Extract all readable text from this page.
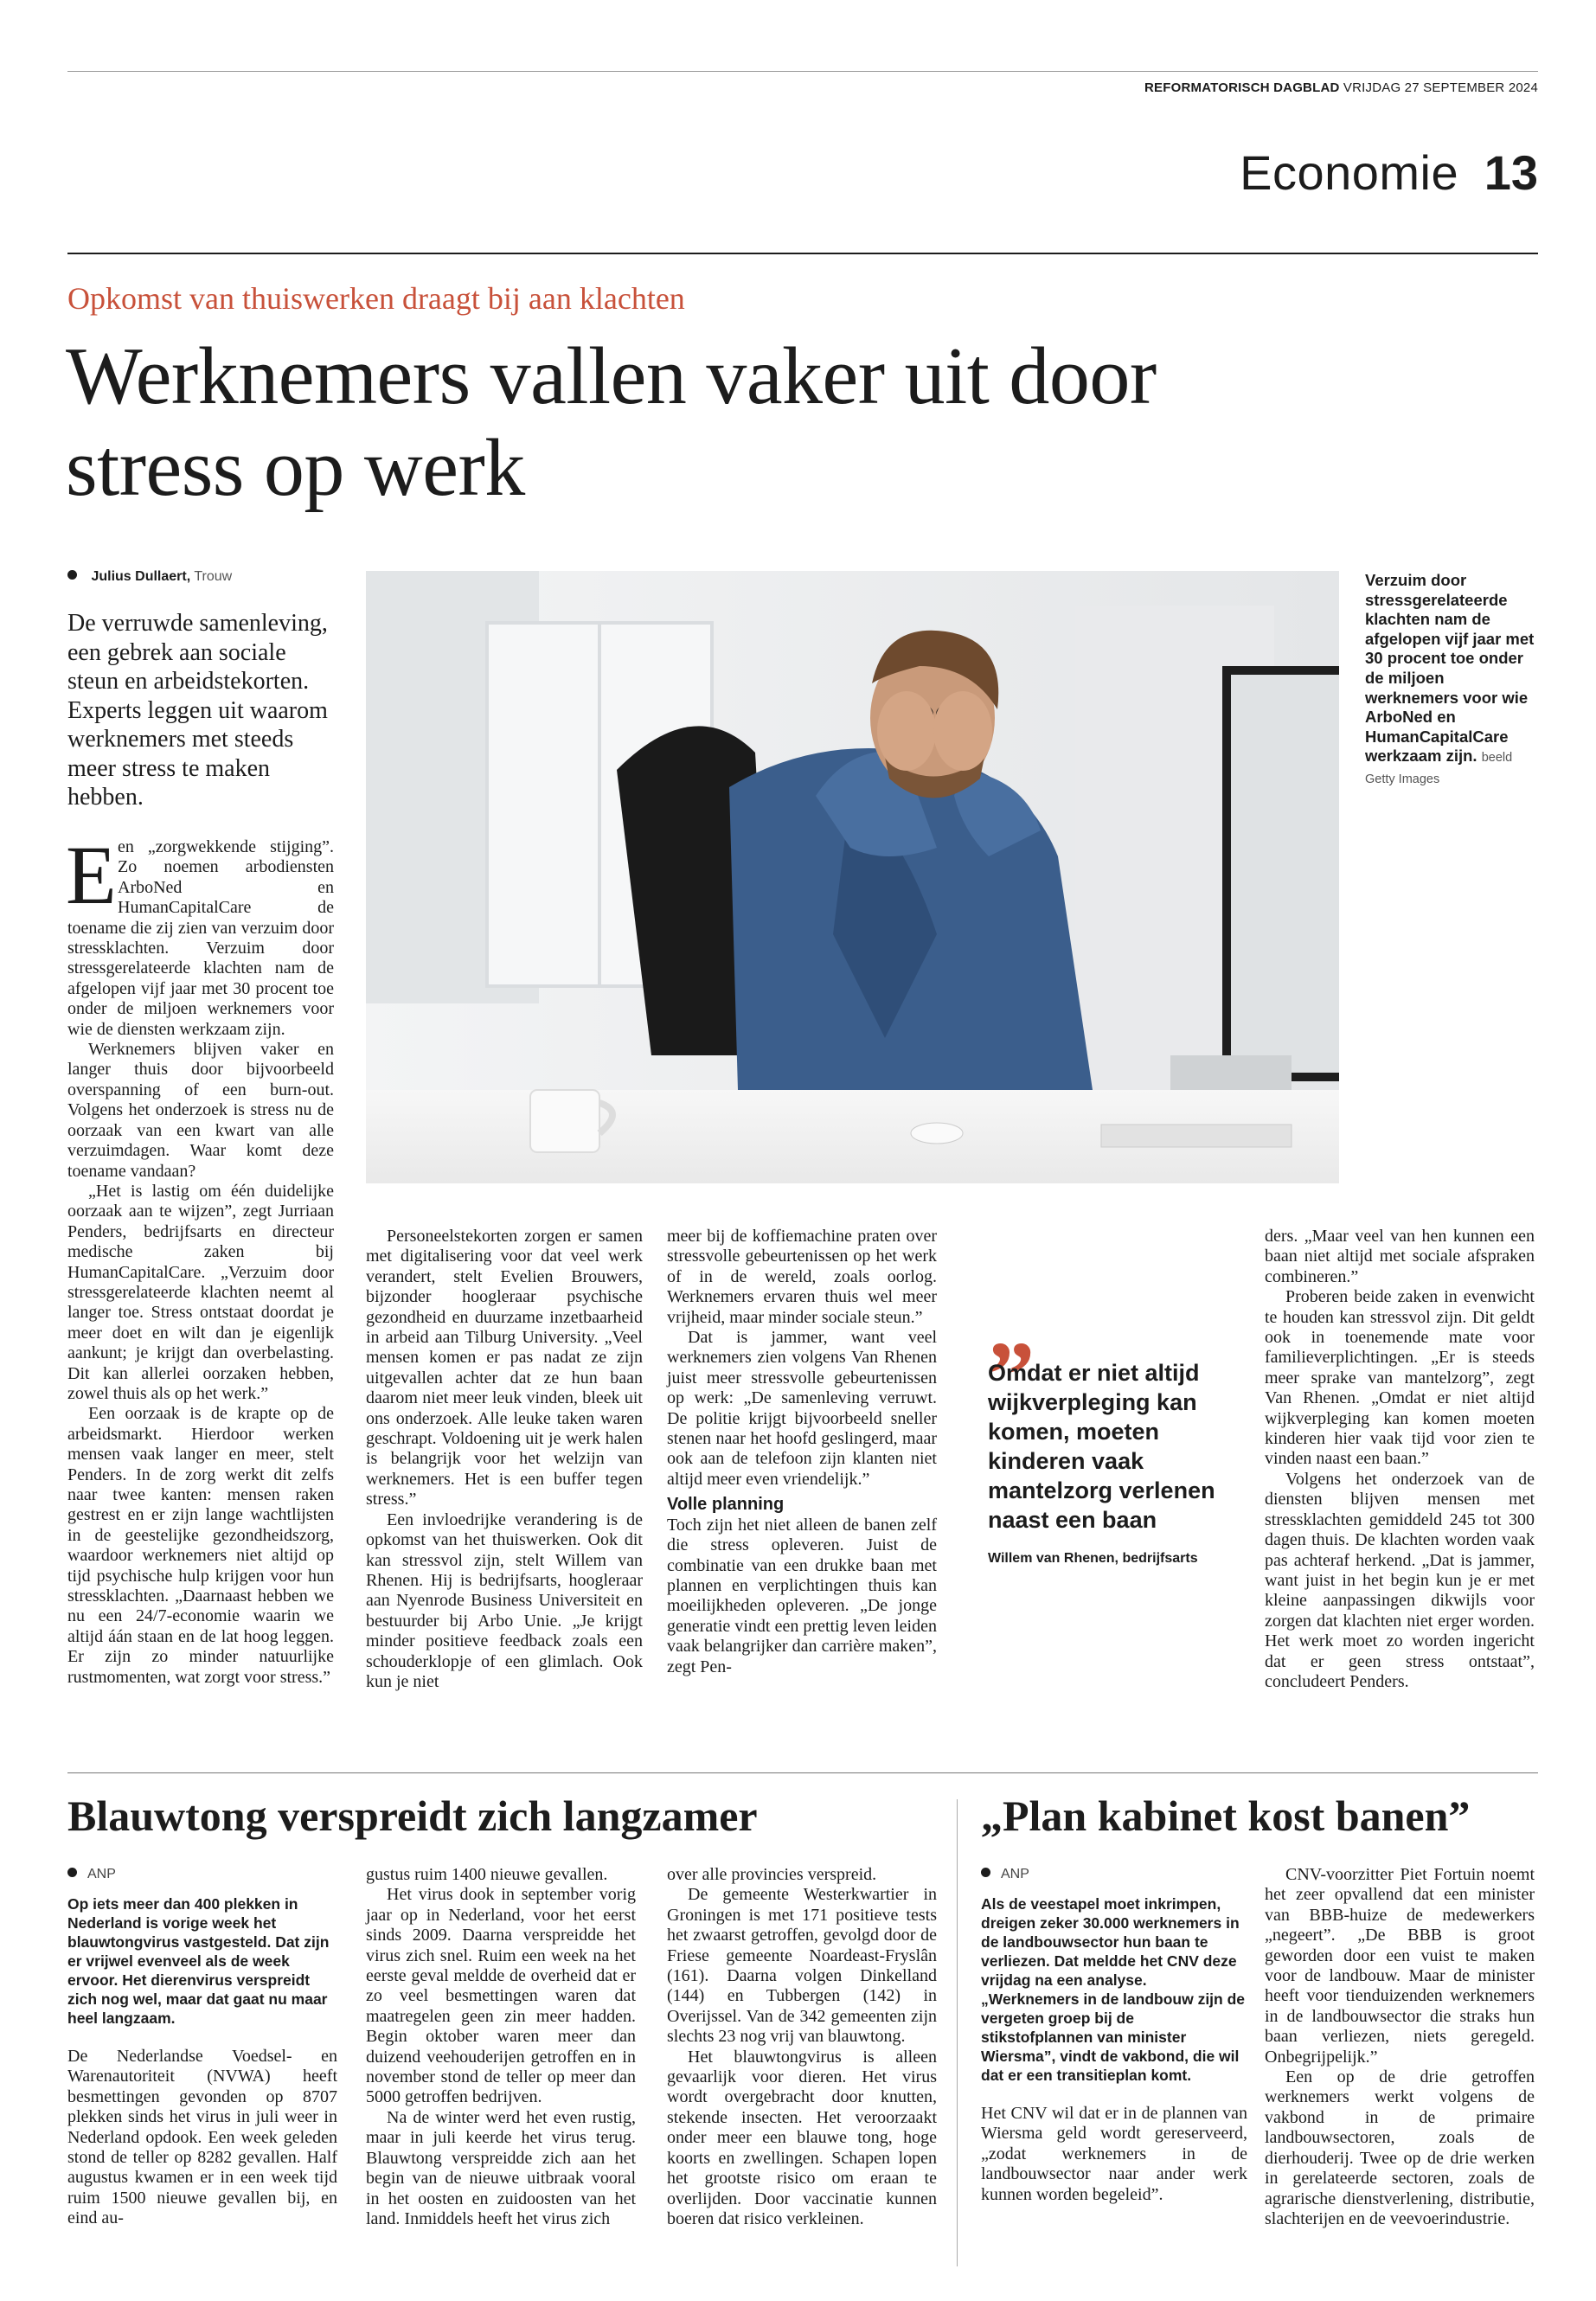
REFORMATORISCH DAGBLAD VRIJDAG 27 SEPTEMBER 2024
Economie 13
Opkomst van thuiswerken draagt bij aan klachten
Werknemers vallen vaker uit door stress op werk
Julius Dullaert, Trouw

De verruwde samenleving, een gebrek aan sociale steun en arbeidstekorten. Experts leggen uit waarom werknemers met steeds meer stress te maken hebben.

Verzuim door stressgerelateerde klachten nam de afgelopen vijf jaar met 30 procent toe onder de miljoen werknemers voor wie ArboNed en HumanCapitalCare werkzaam zijn. beeld Getty Images
E en „zorgwekkende stijging”. Zo noemen arbodiensten ArboNed en HumanCapitalCare de toename die zij zien van verzuim door stressklachten. Verzuim door stressgerelateerde klachten nam de afgelopen vijf jaar met 30 procent toe onder de miljoen werknemers voor wie de diensten werkzaam zijn.

Werknemers blijven vaker en langer thuis door bijvoorbeeld overspanning of een burn-out. Volgens het onderzoek is stress nu de oorzaak van een kwart van alle verzuimdagen. Waar komt deze toename vandaan?

„Het is lastig om één duidelijke oorzaak aan te wijzen”, zegt Jurriaan Penders, bedrijfsarts en directeur medische zaken bij HumanCapitalCare. „Verzuim door stressgerelateerde klachten neemt al langer toe. Stress ontstaat doordat je meer doet en wilt dan je eigenlijk aankunt; je krijgt dan overbelasting. Dit kan allerlei oorzaken hebben, zowel thuis als op het werk.”

Een oorzaak is de krapte op de arbeidsmarkt. Hierdoor werken mensen vaak langer en meer, stelt Penders. In de zorg werkt dit zelfs naar twee kanten: mensen raken gestrest en er zijn lange wachtlijsten in de geestelijke gezondheidszorg, waardoor werknemers niet altijd op tijd psychische hulp krijgen voor hun stressklachten. „Daarnaast hebben we nu een 24/7-economie waarin we altijd áán staan en de lat hoog leggen. Er zijn zo minder natuurlijke rustmomenten, wat zorgt voor stress.”

Personeelstekorten zorgen er samen met digitalisering voor dat veel werk verandert, stelt Evelien Brouwers, bijzonder hoogleraar psychische gezondheid en duurzame inzetbaarheid in arbeid aan Tilburg University. „Veel mensen komen er pas nadat ze zijn uitgevallen achter dat ze hun baan daarom niet meer leuk vinden, bleek uit ons onderzoek. Alle leuke taken waren geschrapt. Voldoening uit je werk halen is belangrijk voor het welzijn van werknemers. Het is een buffer tegen stress.”

Een invloedrijke verandering is de opkomst van het thuiswerken. Ook dit kan stressvol zijn, stelt Willem van Rhenen. Hij is bedrijfsarts, hoogleraar aan Nyenrode Business Universiteit en bestuurder bij Arbo Unie. „Je krijgt minder positieve feedback zoals een schouderklopje of een glimlach. Ook kun je niet

meer bij de koffiemachine praten over stressvolle gebeurtenissen op het werk of in de wereld, zoals oorlog. Werknemers ervaren thuis wel meer vrijheid, maar minder sociale steun.”

Dat is jammer, want veel werknemers zien volgens Van Rhenen juist meer stressvolle gebeurtenissen op werk: „De samenleving verruwt. De politie krijgt bijvoorbeeld sneller stenen naar het hoofd geslingerd, maar ook aan de telefoon zijn klanten niet altijd meer even vriendelijk.”

Volle planning

Toch zijn het niet alleen de banen zelf die stress opleveren. Juist de combinatie van een drukke baan met plannen en verplichtingen thuis kan moeilijkheden opleveren. „De jonge generatie vindt een prettig leven leiden vaak belangrijker dan carrière maken”, zegt Pen-

„
Omdat er niet altijd wijkverpleging kan komen, moeten kinderen vaak mantelzorg verlenen naast een baan
Willem van Rhenen, bedrijfsarts

ders. „Maar veel van hen kunnen een baan niet altijd met sociale afspraken combineren.”

Proberen beide zaken in evenwicht te houden kan stressvol zijn. Dit geldt ook in toenemende mate voor familieverplichtingen. „Er is steeds meer sprake van mantelzorg”, zegt Van Rhenen. „Omdat er niet altijd wijkverpleging kan komen moeten kinderen hier vaak tijd voor zien te vinden naast een baan.”

Volgens het onderzoek van de diensten blijven mensen met stressklachten gemiddeld 245 tot 300 dagen thuis. De klachten worden vaak pas achteraf herkend. „Dat is jammer, want juist in het begin kun je er met kleine aanpassingen dikwijls voor zorgen dat klachten niet erger worden. Het werk moet zo worden ingericht dat er geen stress ontstaat”, concludeert Penders.

Blauwtong verspreidt zich langzamer
ANP

Op iets meer dan 400 plekken in Nederland is vorige week het blauwtongvirus vastgesteld. Dat zijn er vrijwel evenveel als de week ervoor. Het dierenvirus verspreidt zich nog wel, maar dat gaat nu maar heel langzaam.

De Nederlandse Voedsel- en Warenautoriteit (NVWA) heeft besmettingen gevonden op 8707 plekken sinds het virus in juli weer in Nederland opdook. Een week geleden stond de teller op 8282 gevallen. Half augustus kwamen er in een week tijd ruim 1500 nieuwe gevallen bij, en eind au-

gustus ruim 1400 nieuwe gevallen.

Het virus dook in september vorig jaar op in Nederland, voor het eerst sinds 2009. Daarna verspreidde het virus zich snel. Ruim een week na het eerste geval meldde de overheid dat er zo veel besmettingen waren dat maatregelen geen zin meer hadden. Begin oktober waren meer dan duizend veehouderijen getroffen en in november stond de teller op meer dan 5000 getroffen bedrijven.

Na de winter werd het even rustig, maar in juli keerde het virus terug. Blauwtong verspreidde zich aan het begin van de nieuwe uitbraak vooral in het oosten en zuidoosten van het land. Inmiddels heeft het virus zich

over alle provincies verspreid.

De gemeente Westerkwartier in Groningen is met 171 positieve tests het zwaarst getroffen, gevolgd door de Friese gemeente Noardeast-Fryslân (161). Daarna volgen Dinkelland (144) en Tubbergen (142) in Overijssel. Van de 342 gemeenten zijn slechts 23 nog vrij van blauwtong.

Het blauwtongvirus is alleen gevaarlijk voor dieren. Het virus wordt overgebracht door knutten, stekende insecten. Het veroorzaakt onder meer een blauwe tong, hoge koorts en zwellingen. Schapen lopen het grootste risico om eraan te overlijden. Door vaccinatie kunnen boeren dat risico verkleinen.

„Plan kabinet kost banen”
ANP

Als de veestapel moet inkrimpen, dreigen zeker 30.000 werknemers in de landbouwsector hun baan te verliezen. Dat meldde het CNV deze vrijdag na een analyse. „Werknemers in de landbouw zijn de vergeten groep bij de stikstofplannen van minister Wiersma”, vindt de vakbond, die wil dat er een transitieplan komt.

Het CNV wil dat er in de plannen van Wiersma geld wordt gereserveerd, „zodat werknemers in de landbouwsector naar ander werk kunnen worden begeleid”.

CNV-voorzitter Piet Fortuin noemt het zeer opvallend dat een minister van BBB-huize de medewerkers „negeert”. „De BBB is groot geworden door een vuist te maken voor de landbouw. Maar de minister heeft voor tienduizenden werknemers in de landbouwsector die straks hun baan verliezen, niets geregeld. Onbegrijpelijk.”

Een op de drie getroffen werknemers werkt volgens de vakbond in de primaire landbouwsectoren, zoals de dierhouderij. Twee op de drie werken in gerelateerde sectoren, zoals de agrarische dienstverlening, distributie, slachterijen en de veevoerindustrie.
